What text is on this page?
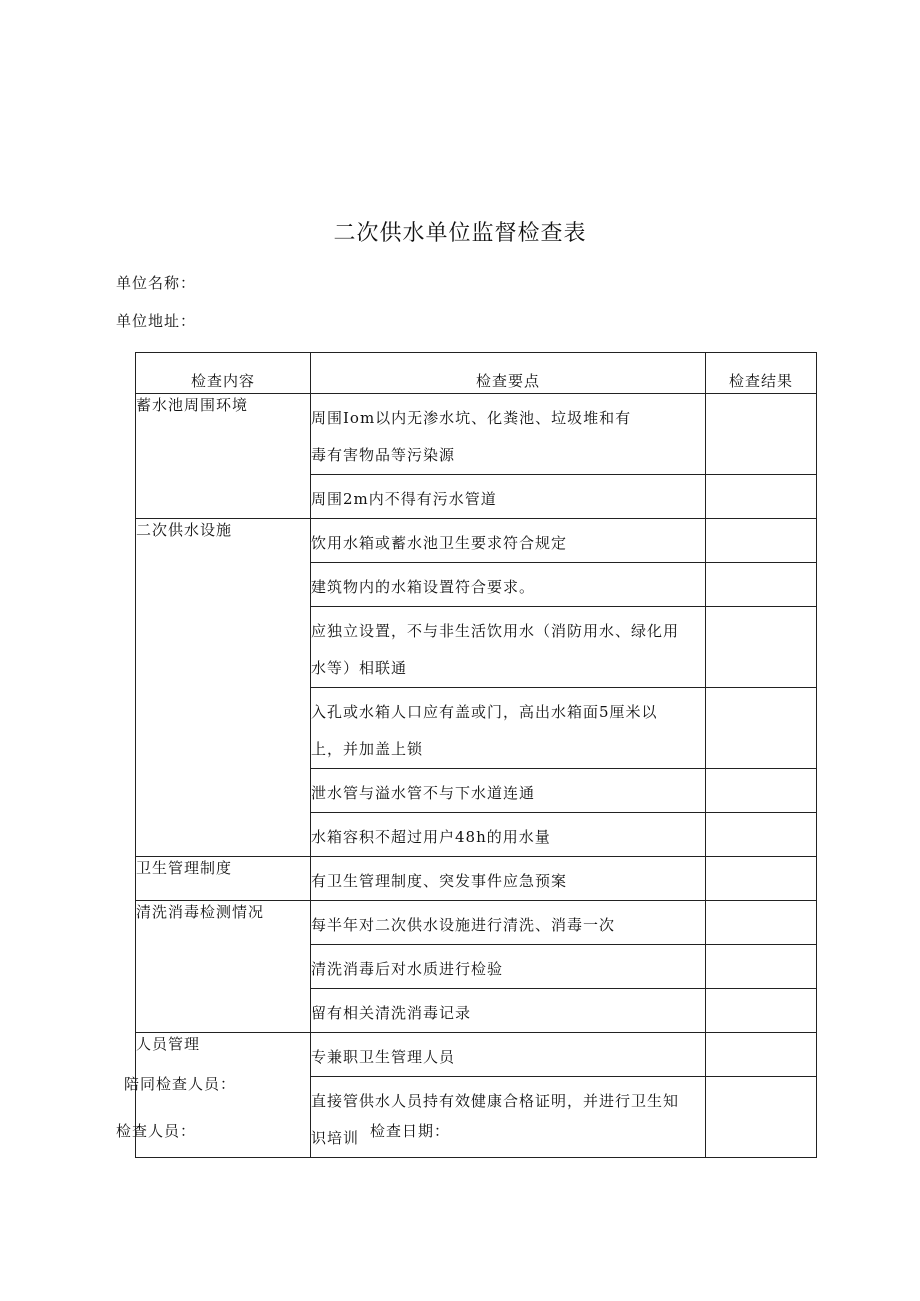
二次供水单位监督检查表
单位名称：
单位地址：
检查内容	检查要点	检查结果
蓄水池周围环境	周围Iom以内无渗水坑、化粪池、垃圾堆和有
毒有害物品等污染源	

	周围2m内不得有污水管道	

二次供水设施	饮用水箱或蓄水池卫生要求符合规定	

	建筑物内的水箱设置符合要求。	

	应独立设置，不与非生活饮用水（消防用水、绿化用
水等）相联通	

	入孔或水箱人口应有盖或门，高出水箱面5厘米以
上，并加盖上锁	

	泄水管与溢水管不与下水道连通	

	水箱容积不超过用户48h的用水量	

卫生管理制度	有卫生管理制度、突发事件应急预案	

清洗消毒检测情况	每半年对二次供水设施进行清洗、消毒一次	

	清洗消毒后对水质进行检验	

	留有相关清洗消毒记录	

人员管理	专兼职卫生管理人员	

	直接管供水人员持有效健康合格证明，并进行卫生知
识培训	

陪同检查人员：
检查人员：	检查日期：
